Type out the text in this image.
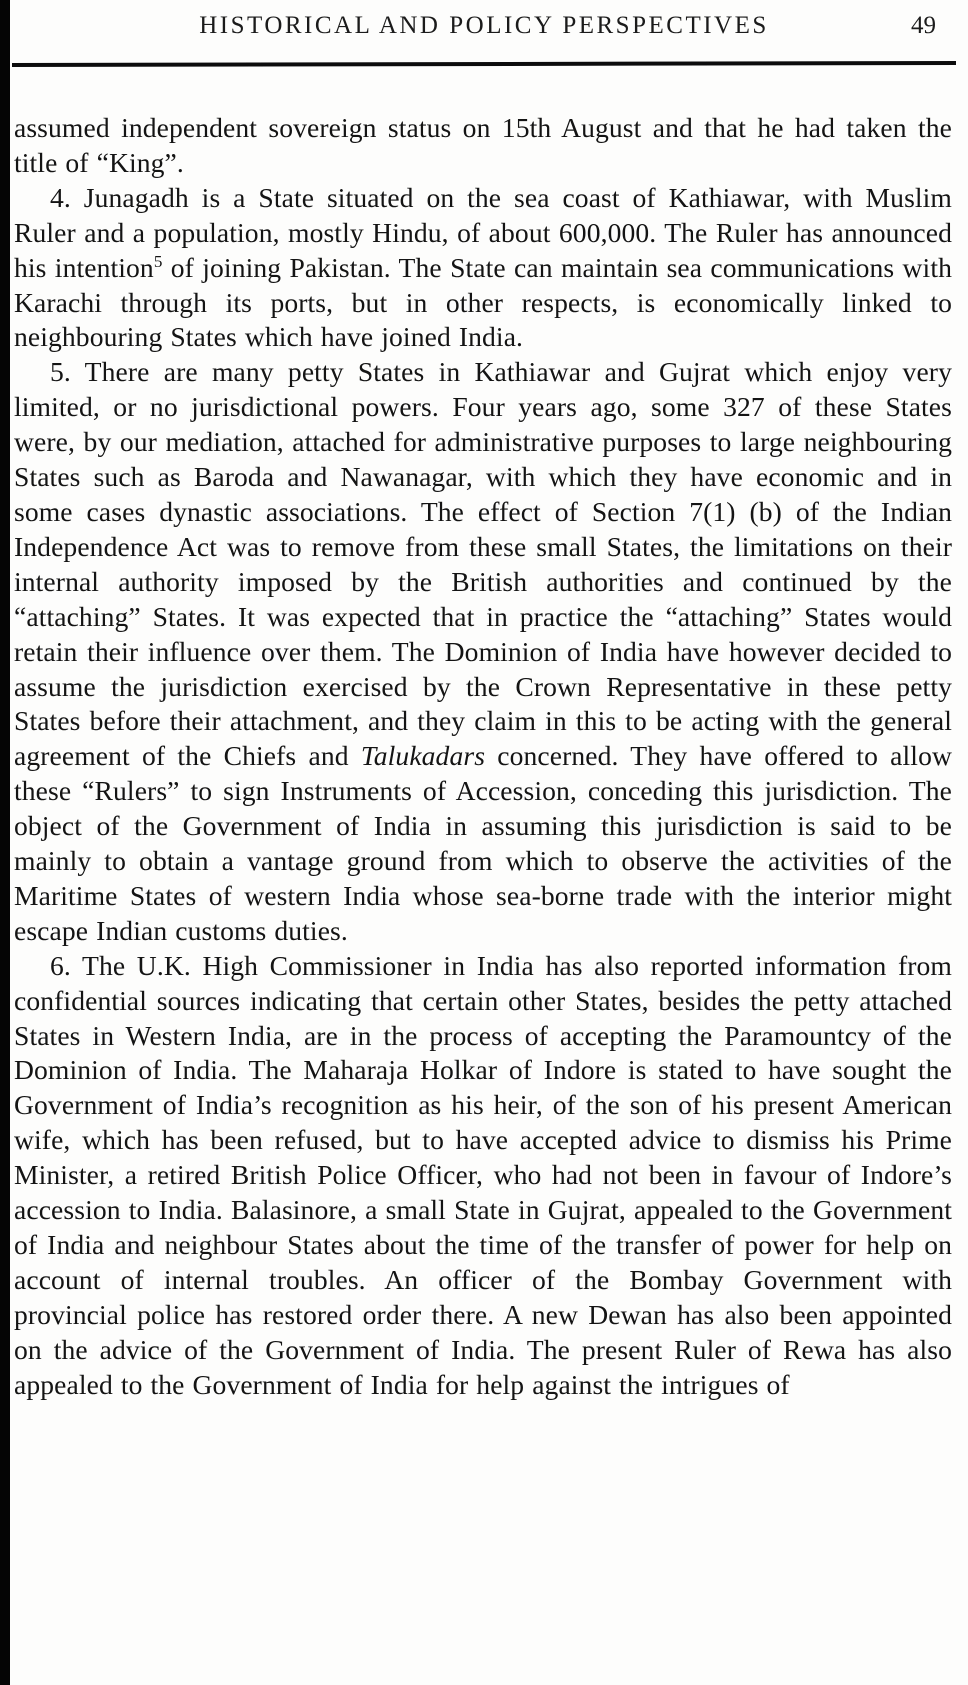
HISTORICAL AND POLICY PERSPECTIVES	49

assumed independent sovereign status on 15th August and that he had taken the title of “King”.

4. Junagadh is a State situated on the sea coast of Kathiawar, with Muslim Ruler and a population, mostly Hindu, of about 600,000. The Ruler has announced his intention$^5$ of joining Pakistan. The State can maintain sea communications with Karachi through its ports, but in other respects, is economically linked to neighbouring States which have joined India.

5. There are many petty States in Kathiawar and Gujrat which enjoy very limited, or no jurisdictional powers. Four years ago, some 327 of these States were, by our mediation, attached for administrative purposes to large neighbouring States such as Baroda and Nawanagar, with which they have economic and in some cases dynastic associations. The effect of Section 7(1) (b) of the Indian Independence Act was to remove from these small States, the limitations on their internal authority imposed by the British authorities and continued by the “attaching” States. It was expected that in practice the “attaching” States would retain their influence over them. The Dominion of India have however decided to assume the jurisdiction exercised by the Crown Representative in these petty States before their attachment, and they claim in this to be acting with the general agreement of the Chiefs and Talukadars concerned. They have offered to allow these “Rulers” to sign Instruments of Accession, conceding this jurisdiction. The object of the Government of India in assuming this jurisdiction is said to be mainly to obtain a vantage ground from which to observe the activities of the Maritime States of western India whose sea-borne trade with the interior might escape Indian customs duties.

6. The U.K. High Commissioner in India has also reported information from confidential sources indicating that certain other States, besides the petty attached States in Western India, are in the process of accepting the Paramountcy of the Dominion of India. The Maharaja Holkar of Indore is stated to have sought the Government of India’s recognition as his heir, of the son of his present American wife, which has been refused, but to have accepted advice to dismiss his Prime Minister, a retired British Police Officer, who had not been in favour of Indore’s accession to India. Balasinore, a small State in Gujrat, appealed to the Government of India and neighbour States about the time of the transfer of power for help on account of internal troubles. An officer of the Bombay Government with provincial police has restored order there. A new Dewan has also been appointed on the advice of the Government of India. The present Ruler of Rewa has also appealed to the Government of India for help against the intrigues of
